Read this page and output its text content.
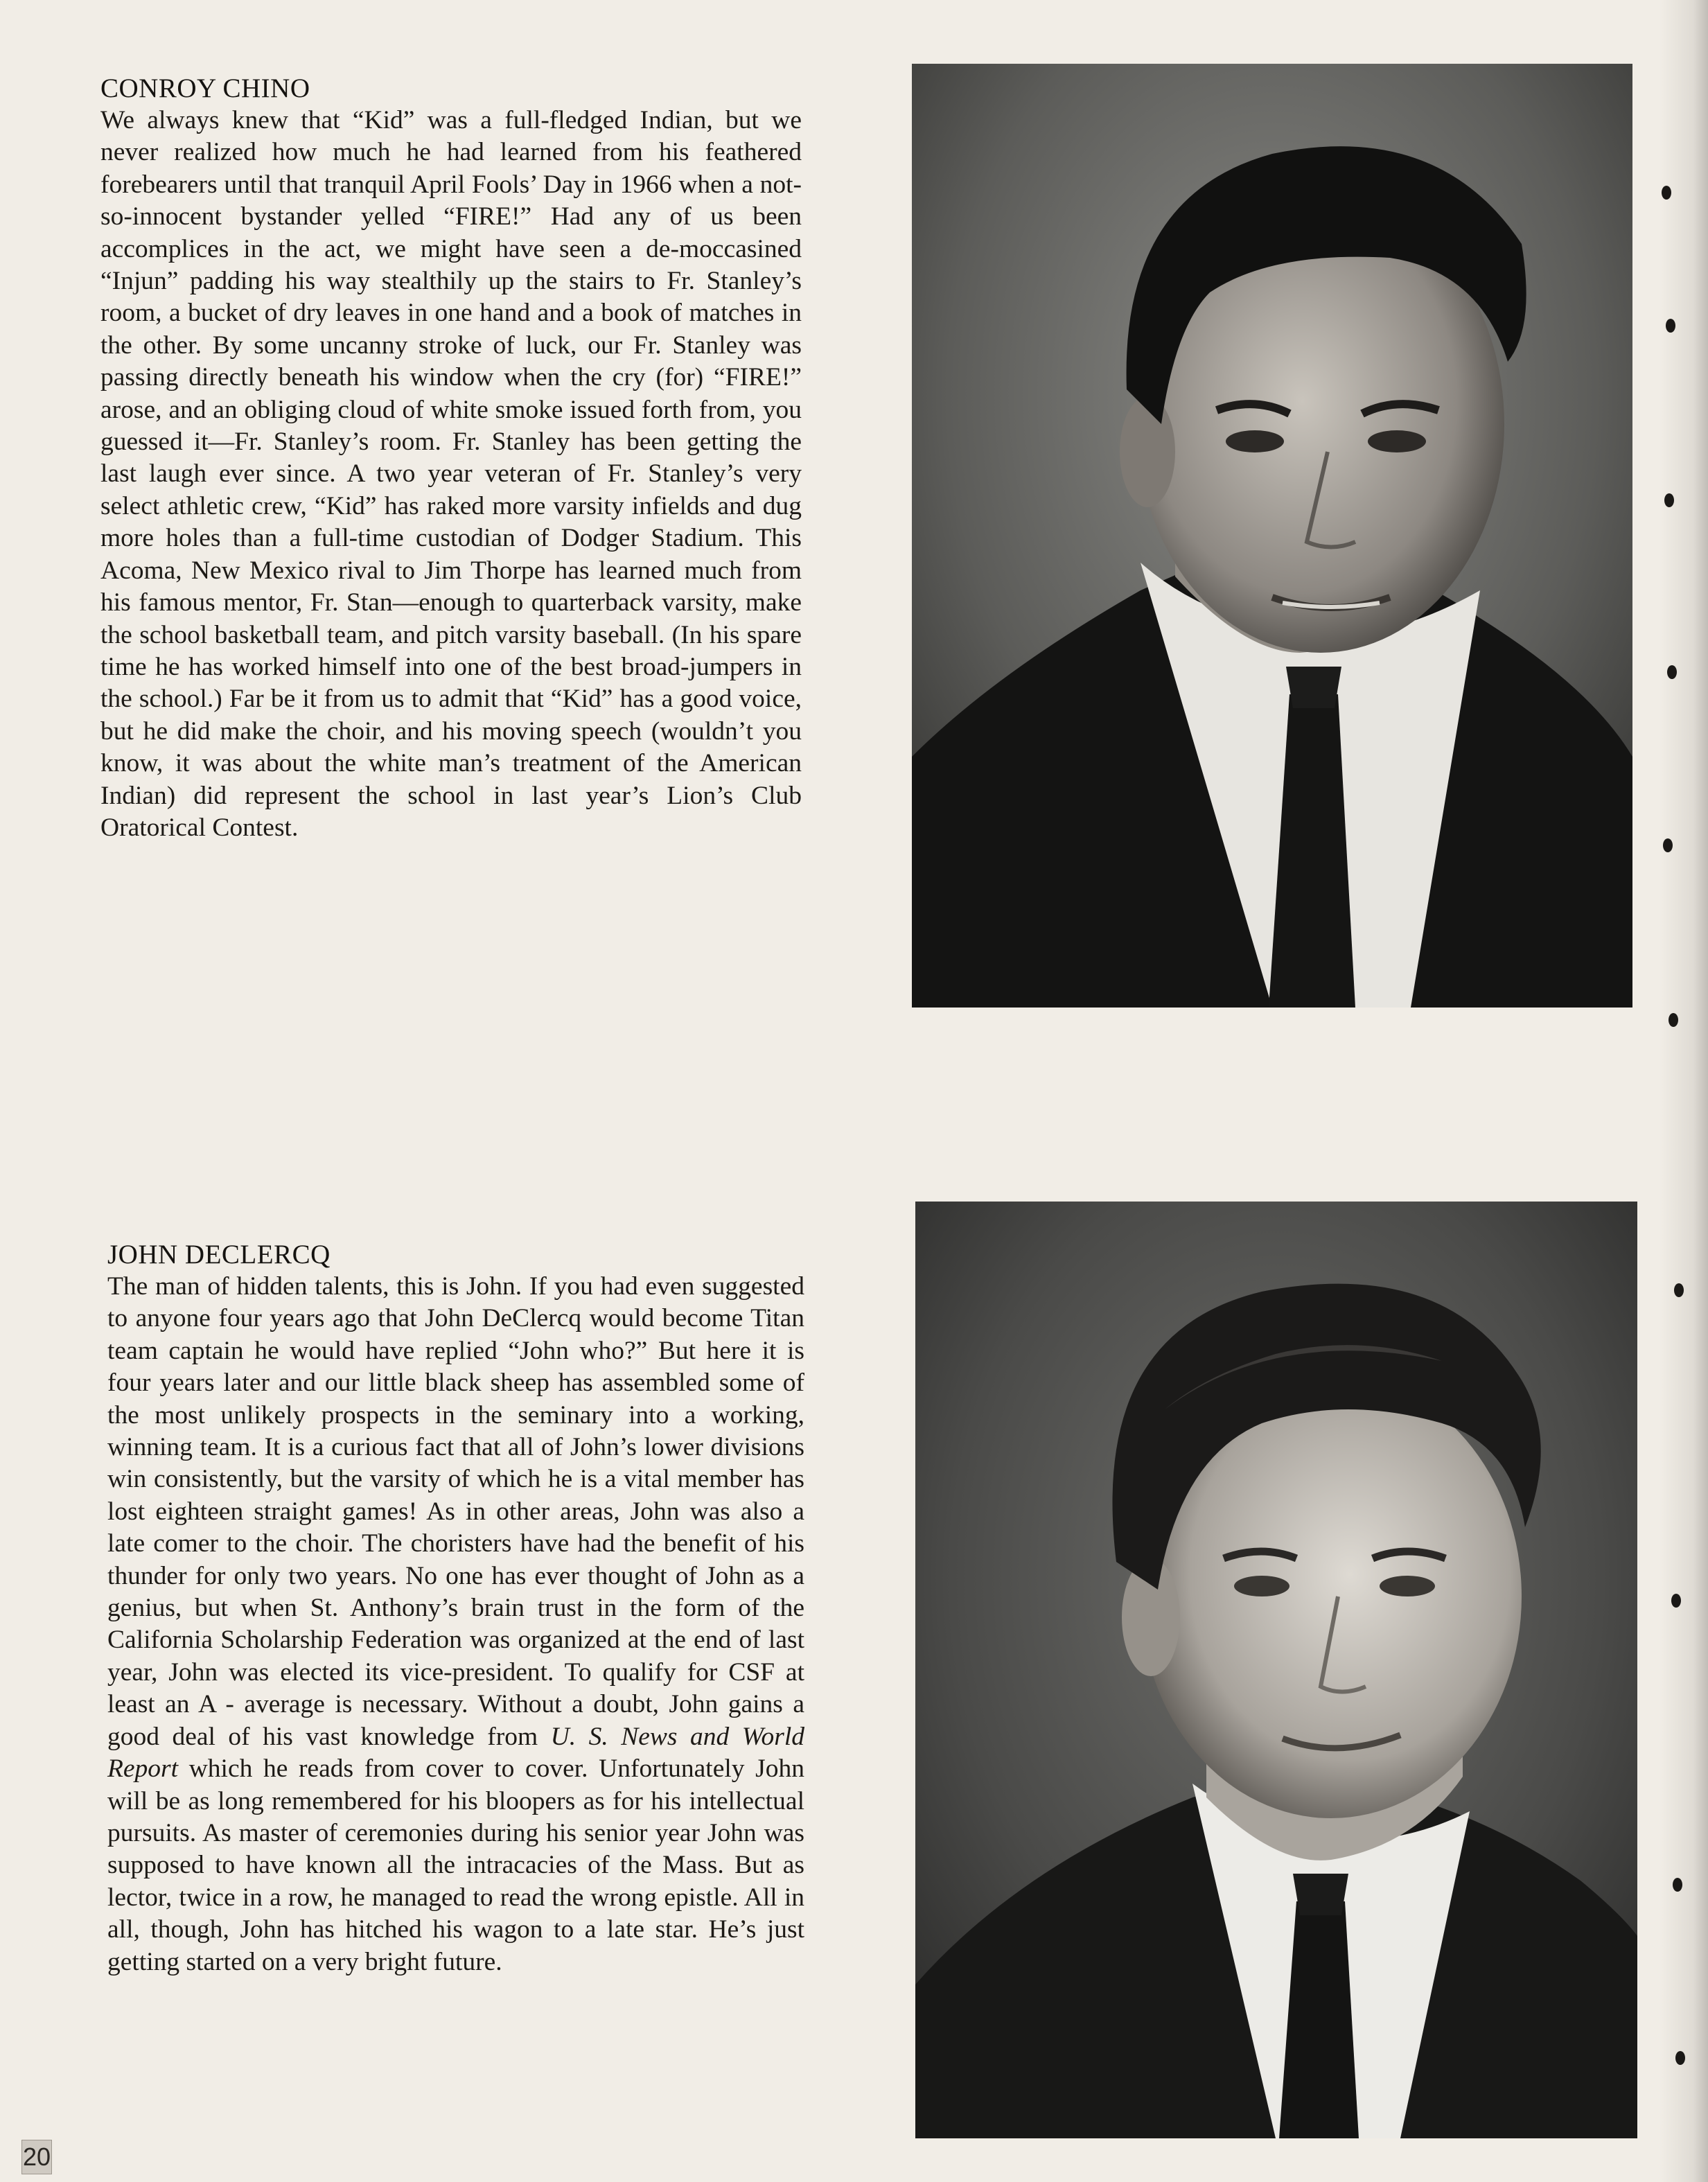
CONROY CHINO

We always knew that “Kid” was a full-fledged Indian, but we never realized how much he had learned from his feathered forebearers until that tranquil April Fools’ Day in 1966 when a not-so-innocent bystander yelled “FIRE!” Had any of us been accomplices in the act, we might have seen a de-moccasined “Injun” padding his way stealthily up the stairs to Fr. Stanley’s room, a bucket of dry leaves in one hand and a book of matches in the other. By some uncanny stroke of luck, our Fr. Stanley was passing directly beneath his window when the cry (for) “FIRE!” arose, and an obliging cloud of white smoke issued forth from, you guessed it—Fr. Stanley’s room. Fr. Stanley has been getting the last laugh ever since. A two year veteran of Fr. Stanley’s very select athletic crew, “Kid” has raked more varsity infields and dug more holes than a full-time custodian of Dodger Stadium. This Acoma, New Mexico rival to Jim Thorpe has learned much from his famous mentor, Fr. Stan—enough to quarterback varsity, make the school basketball team, and pitch varsity baseball. (In his spare time he has worked himself into one of the best broad-jumpers in the school.) Far be it from us to admit that “Kid” has a good voice, but he did make the choir, and his moving speech (wouldn’t you know, it was about the white man’s treatment of the American Indian) did represent the school in last year’s Lion’s Club Oratorical Contest.

JOHN DECLERCQ

The man of hidden talents, this is John. If you had even suggested to anyone four years ago that John DeClercq would become Titan team captain he would have replied “John who?” But here it is four years later and our little black sheep has assembled some of the most unlikely prospects in the seminary into a working, winning team. It is a curious fact that all of John’s lower divisions win consistently, but the varsity of which he is a vital member has lost eighteen straight games! As in other areas, John was also a late comer to the choir. The choristers have had the benefit of his thunder for only two years. No one has ever thought of John as a genius, but when St. Anthony’s brain trust in the form of the California Scholarship Federation was organized at the end of last year, John was elected its vice-president. To qualify for CSF at least an A - average is necessary. Without a doubt, John gains a good deal of his vast knowledge from U. S. News and World Report which he reads from cover to cover. Unfortunately John will be as long remembered for his bloopers as for his intellectual pursuits. As master of ceremonies during his senior year John was supposed to have known all the intracacies of the Mass. But as lector, twice in a row, he managed to read the wrong epistle. All in all, though, John has hitched his wagon to a late star. He’s just getting started on a very bright future.

20
